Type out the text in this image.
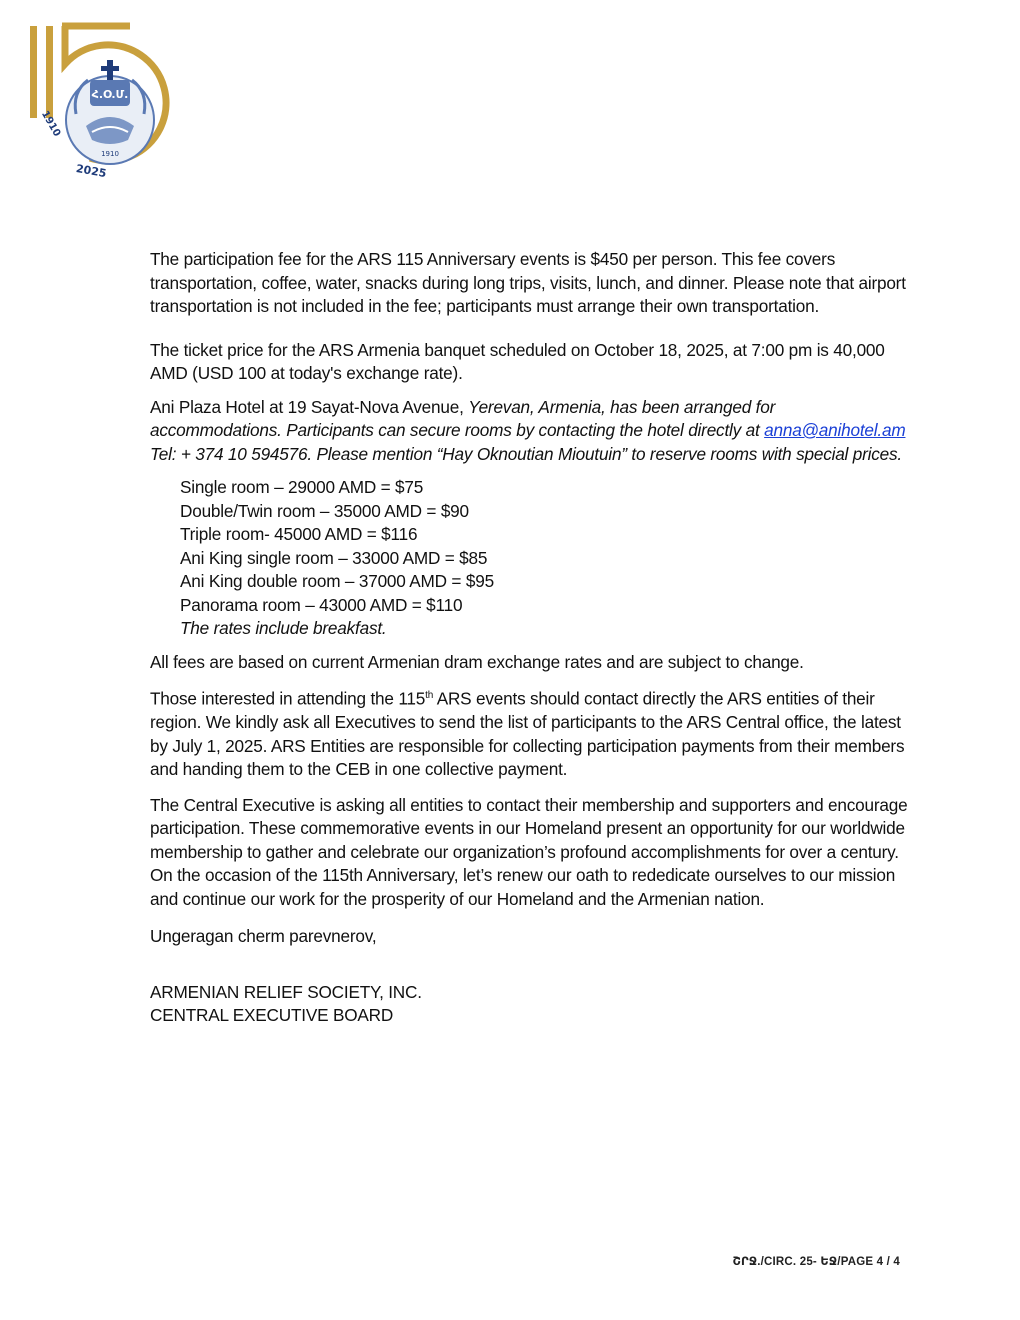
Հ.Օ.Մ.
1910
1910
2025

The participation fee for the ARS 115 Anniversary events is $450 per person. This fee covers transportation, coffee, water, snacks during long trips, visits, lunch, and dinner. Please note that airport transportation is not included in the fee; participants must arrange their own transportation.

The ticket price for the ARS Armenia banquet scheduled on October 18, 2025, at 7:00 pm is 40,000 AMD (USD 100 at today's exchange rate).

Ani Plaza Hotel at 19 Sayat-Nova Avenue, Yerevan, Armenia, has been arranged for accommodations. Participants can secure rooms by contacting the hotel directly at anna@anihotel.am Tel: + 374 10 594576. Please mention “Hay Oknoutian Mioutuin” to reserve rooms with special prices.

Single room – 29000 AMD = $75
Double/Twin room – 35000 AMD = $90
Triple room- 45000 AMD = $116
Ani King single room – 33000 AMD = $85
Ani King double room – 37000 AMD = $95
Panorama room – 43000 AMD = $110
The rates include breakfast.

All fees are based on current Armenian dram exchange rates and are subject to change.

Those interested in attending the 115th ARS events should contact directly the ARS entities of their region. We kindly ask all Executives to send the list of participants to the ARS Central office, the latest by July 1, 2025. ARS Entities are responsible for collecting participation payments from their members and handing them to the CEB in one collective payment.

The Central Executive is asking all entities to contact their membership and supporters and encourage participation. These commemorative events in our Homeland present an opportunity for our worldwide membership to gather and celebrate our organization’s profound accomplishments for over a century. On the occasion of the 115th Anniversary, let’s renew our oath to rededicate ourselves to our mission and continue our work for the prosperity of our Homeland and the Armenian nation.

Ungeragan cherm parevnerov,

ARMENIAN RELIEF SOCIETY, INC.

CENTRAL EXECUTIVE BOARD

ՇՐՋ./CIRC. 25- ԵՋ/PAGE 4 / 4
